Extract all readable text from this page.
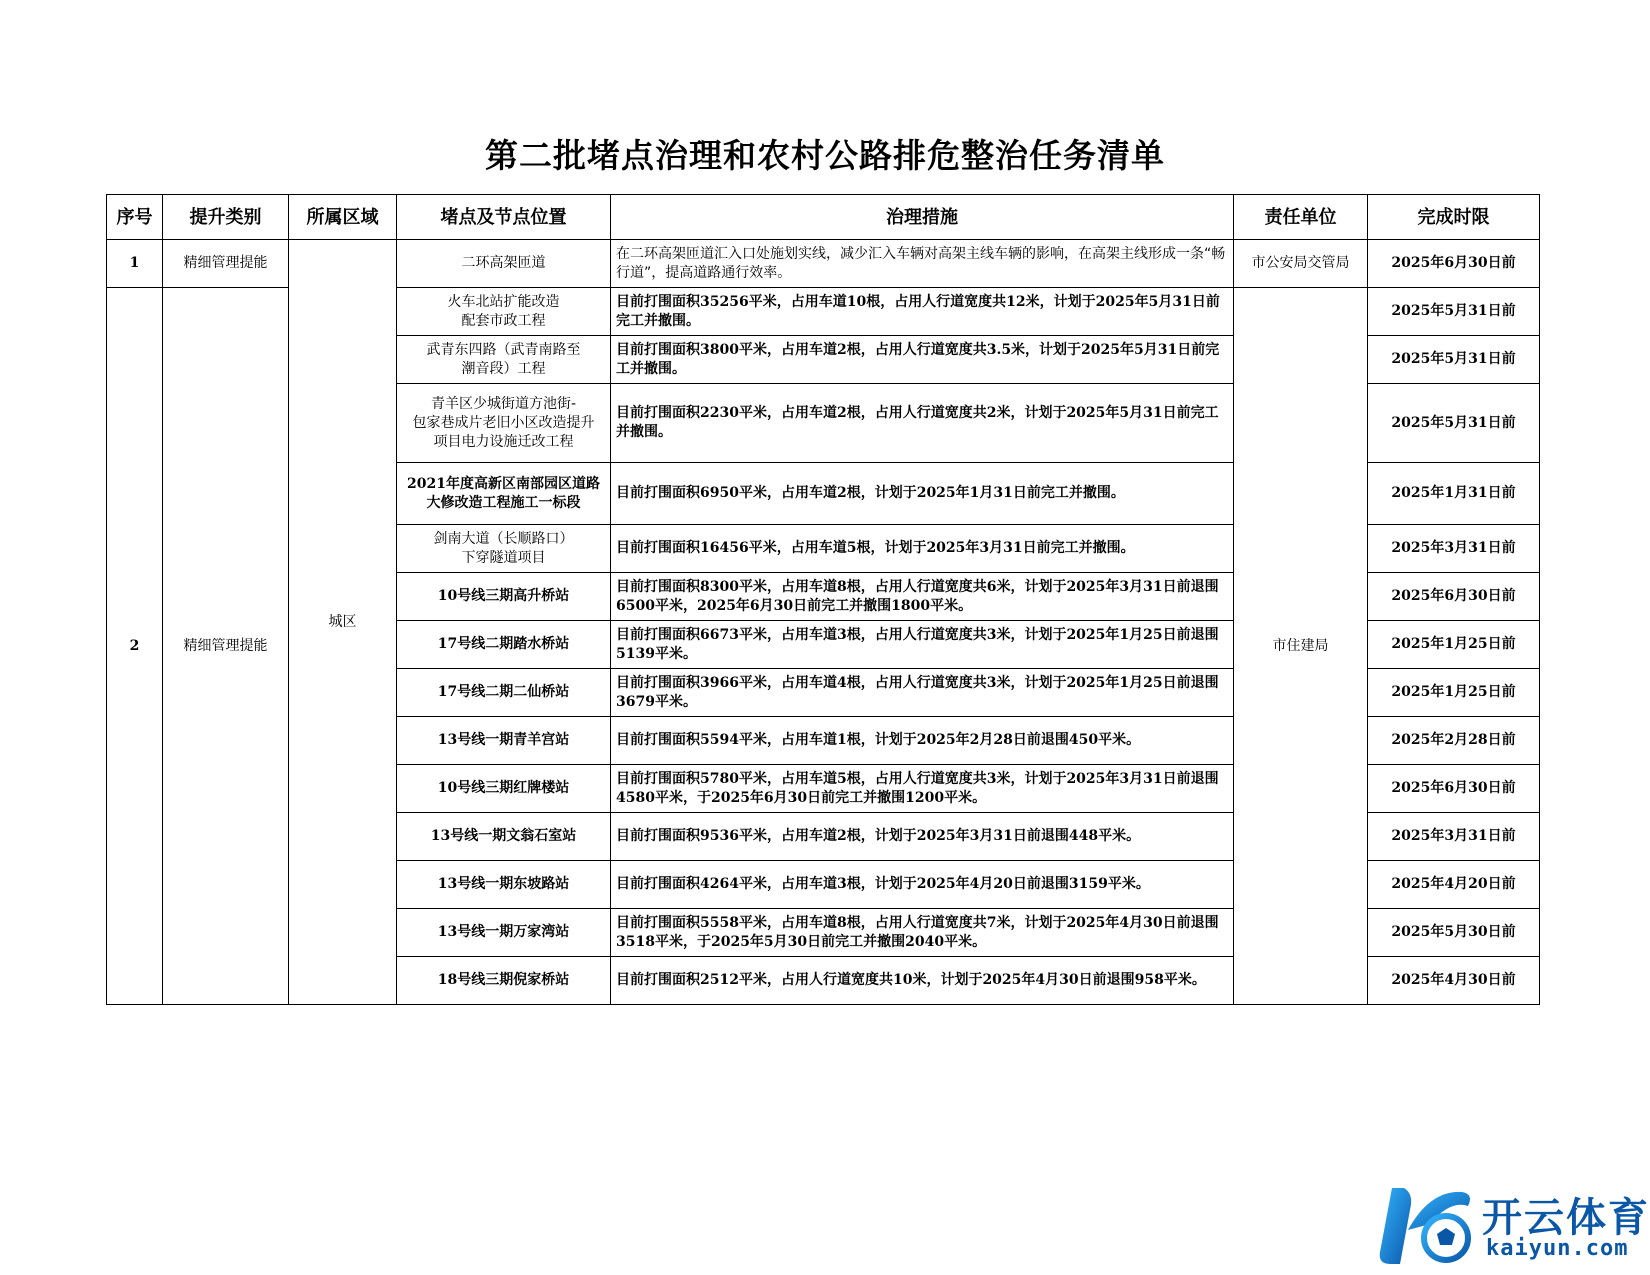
第二批堵点治理和农村公路排危整治任务清单
序号	提升类别	所属区域	堵点及节点位置	治理措施	责任单位	完成时限
1	精细管理提能	城区	二环高架匝道	在二环高架匝道汇入口处施划实线，减少汇入车辆对高架主线车辆的影响，在高架主线形成一条“畅行道”，提高道路通行效率。	市公安局交管局	2025年6月30日前
2	精细管理提能		火车北站扩能改造
配套市政工程	目前打围面积35256平米，占用车道10根，占用人行道宽度共12米，计划于2025年5月31日前完工并撤围。	市住建局	2025年5月31日前
			武青东四路（武青南路至
潮音段）工程	目前打围面积3800平米，占用车道2根，占用人行道宽度共3.5米，计划于2025年5月31日前完工并撤围。		2025年5月31日前
			青羊区少城街道方池街-
包家巷成片老旧小区改造提升
项目电力设施迁改工程	目前打围面积2230平米，占用车道2根，占用人行道宽度共2米，计划于2025年5月31日前完工并撤围。		2025年5月31日前
			2021年度高新区南部园区道路
大修改造工程施工一标段	目前打围面积6950平米，占用车道2根，计划于2025年1月31日前完工并撤围。		2025年1月31日前
			剑南大道（长顺路口）
下穿隧道项目	目前打围面积16456平米，占用车道5根，计划于2025年3月31日前完工并撤围。		2025年3月31日前
			10号线三期高升桥站	目前打围面积8300平米，占用车道8根，占用人行道宽度共6米，计划于2025年3月31日前退围6500平米，2025年6月30日前完工并撤围1800平米。		2025年6月30日前
			17号线二期踏水桥站	目前打围面积6673平米，占用车道3根，占用人行道宽度共3米，计划于2025年1月25日前退围5139平米。		2025年1月25日前
			17号线二期二仙桥站	目前打围面积3966平米，占用车道4根，占用人行道宽度共3米，计划于2025年1月25日前退围3679平米。		2025年1月25日前
			13号线一期青羊宫站	目前打围面积5594平米，占用车道1根，计划于2025年2月28日前退围450平米。		2025年2月28日前
			10号线三期红牌楼站	目前打围面积5780平米，占用车道5根，占用人行道宽度共3米，计划于2025年3月31日前退围4580平米，于2025年6月30日前完工并撤围1200平米。		2025年6月30日前
			13号线一期文翁石室站	目前打围面积9536平米，占用车道2根，计划于2025年3月31日前退围448平米。		2025年3月31日前
			13号线一期东坡路站	目前打围面积4264平米，占用车道3根，计划于2025年4月20日前退围3159平米。		2025年4月20日前
			13号线一期万家湾站	目前打围面积5558平米，占用车道8根，占用人行道宽度共7米，计划于2025年4月30日前退围3518平米，于2025年5月30日前完工并撤围2040平米。		2025年5月30日前
			18号线三期倪家桥站	目前打围面积2512平米，占用人行道宽度共10米，计划于2025年4月30日前退围958平米。		2025年4月30日前
开云体育
kaiyun.com
